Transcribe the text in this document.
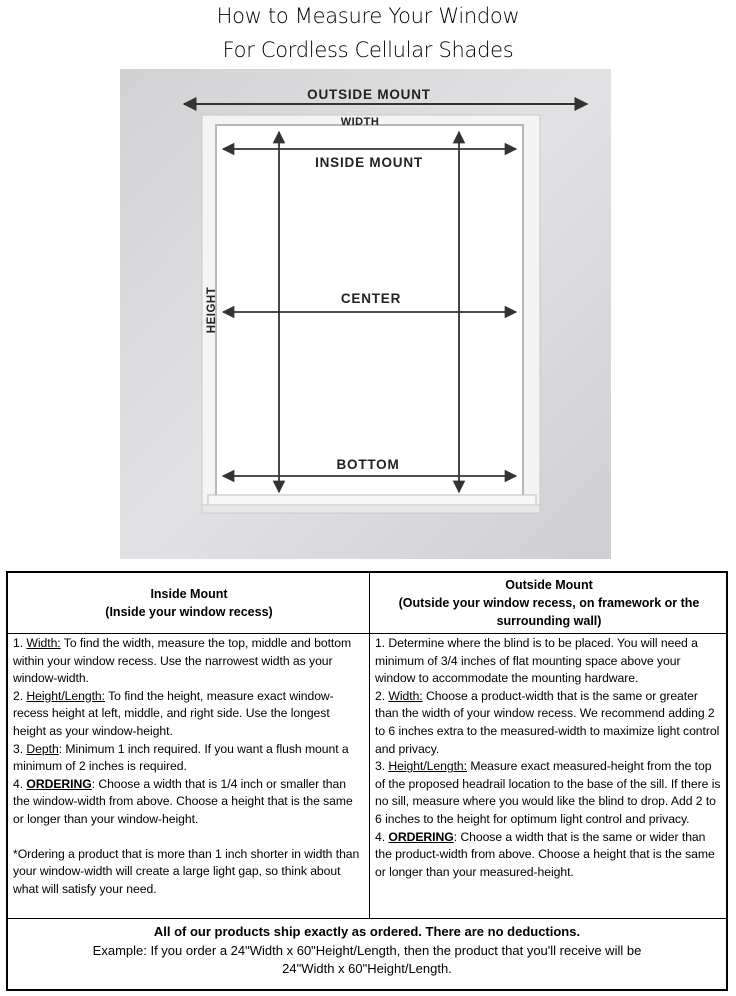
How to Measure Your Window
For Cordless Cellular Shades
OUTSIDE MOUNT
WIDTH
INSIDE MOUNT
CENTER
BOTTOM
HEIGHT
Inside Mount
(Inside your window recess)
Outside Mount
(Outside your window recess, on framework or the surrounding wall)

1. Width: To find the width, measure the top, middle and bottom within your window recess. Use the narrowest width as your window-width.

2. Height/Length: To find the height, measure exact window-recess height at left, middle, and right side. Use the longest height as your window-height.

3. Depth: Minimum 1 inch required. If you want a flush mount a minimum of 2 inches is required.

4. ORDERING: Choose a width that is 1/4 inch or smaller than the window-width from above. Choose a height that is the same or longer than your window-height.

*Ordering a product that is more than 1 inch shorter in width than your window-width will create a large light gap, so think about what will satisfy your need.

1. Determine where the blind is to be placed. You will need a minimum of 3/4 inches of flat mounting space above your window to accommodate the mounting hardware.

2. Width: Choose a product-width that is the same or greater than the width of your window recess. We recommend adding 2 to 6 inches extra to the measured-width to maximize light control and privacy.

3. Height/Length: Measure exact measured-height from the top of the proposed headrail location to the base of the sill. If there is no sill, measure where you would like the blind to drop. Add 2 to 6 inches to the height for optimum light control and privacy.

4. ORDERING: Choose a width that is the same or wider than the product-width from above. Choose a height that is the same or longer than your measured-height.

All of our products ship exactly as ordered. There are no deductions.
Example: If you order a 24"Width x 60"Height/Length, then the product that you'll receive will be
24"Width x 60"Height/Length.
